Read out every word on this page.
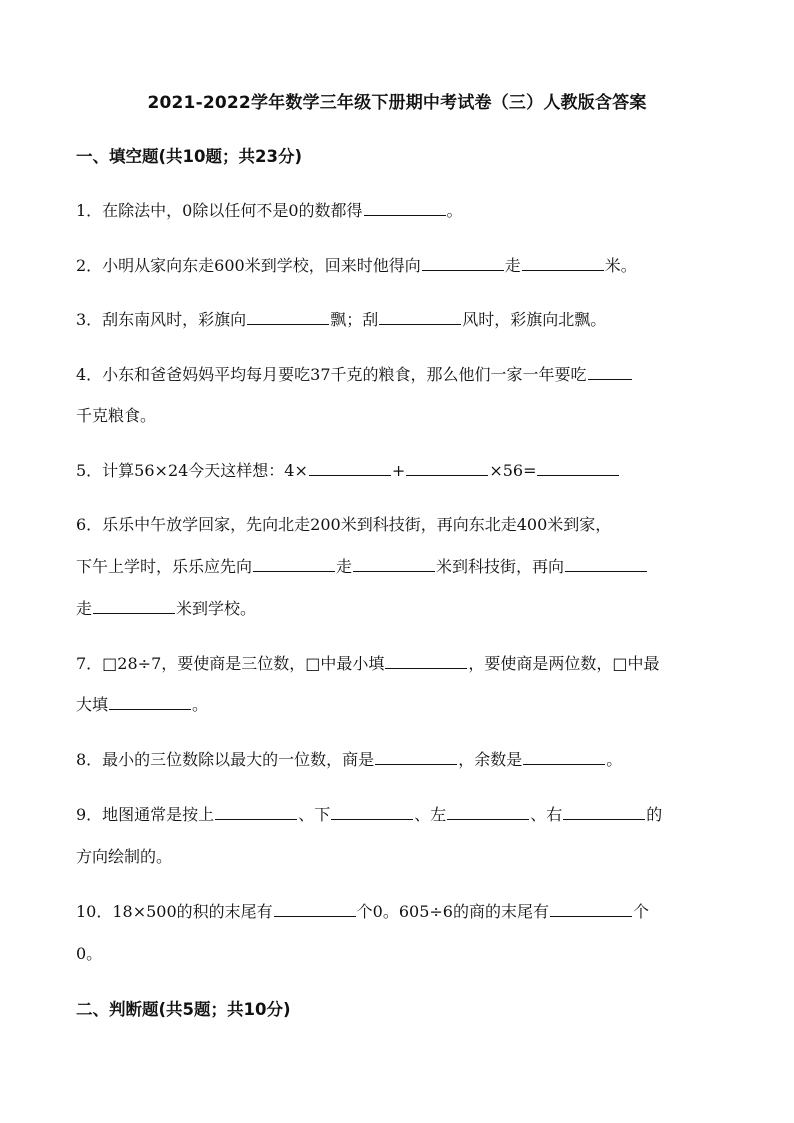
2021-2022学年数学三年级下册期中考试卷（三）人教版含答案
一、填空题(共10题；共23分)
1．在除法中，0除以任何不是0的数都得	。
2．小明从家向东走600米到学校，回来时他得向	走	米。
3．刮东南风时，彩旗向	飘；刮	风时，彩旗向北飘。
4．小东和爸爸妈妈平均每月要吃37千克的粮食，那么他们一家一年要吃
千克粮食。
5．计算56×24今天这样想：4×	+	×56=
6．乐乐中午放学回家，先向北走200米到科技街，再向东北走400米到家，
下午上学时，乐乐应先向	走	米到科技街，再向
走	米到学校。
7．□28÷7，要使商是三位数，□中最小填	，要使商是两位数，□中最
大填	。
8．最小的三位数除以最大的一位数，商是	，余数是	。
9．地图通常是按上	、下	、左	、右	的
方向绘制的。
10．18×500的积的末尾有	个0。605÷6的商的末尾有	个
0。
二、判断题(共5题；共10分)
